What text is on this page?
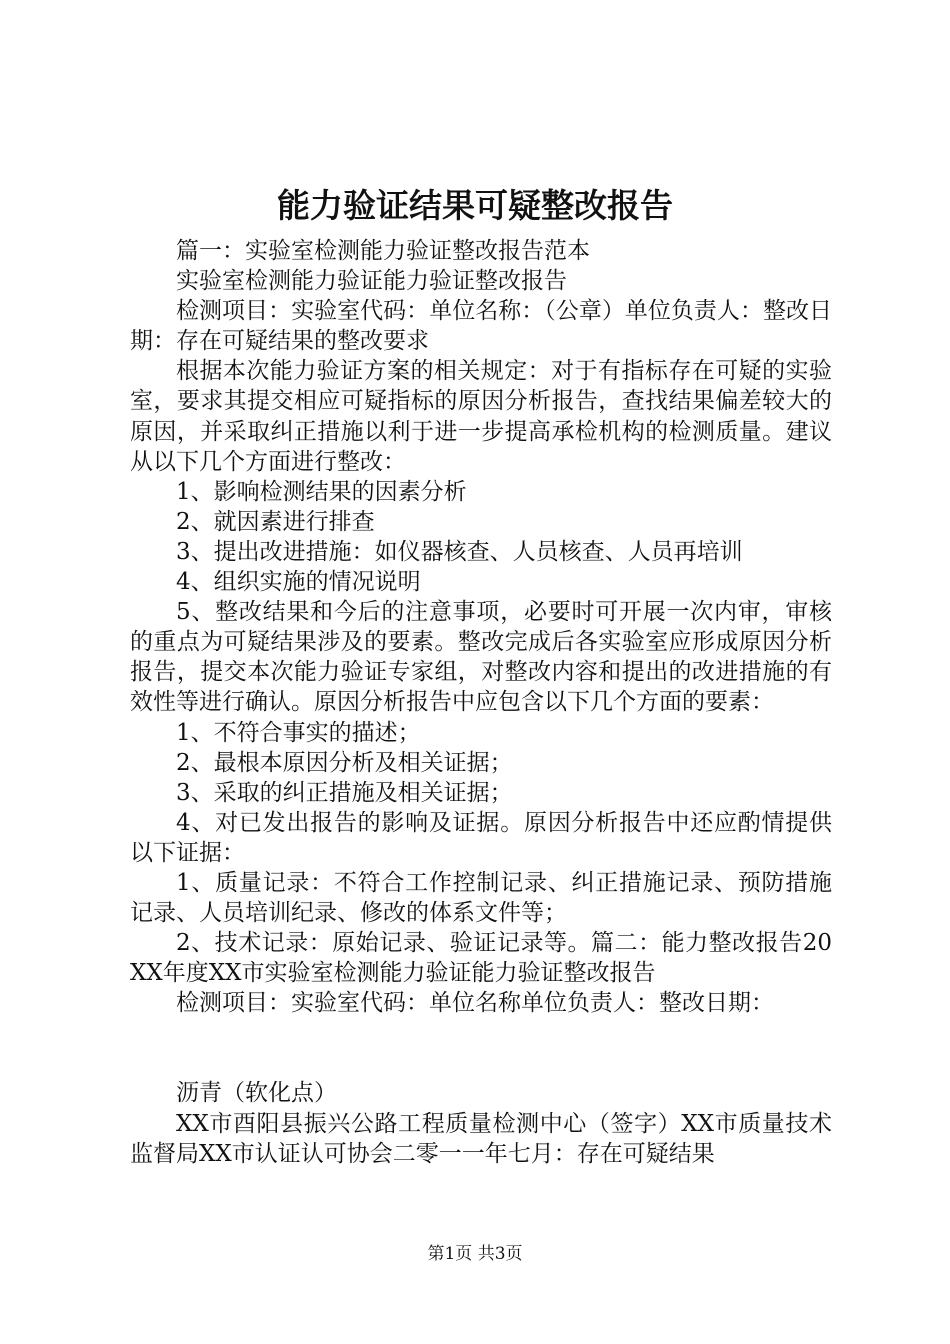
能力验证结果可疑整改报告

篇一：实验室检测能力验证整改报告范本

实验室检测能力验证能力验证整改报告

检测项目：实验室代码：单位名称：（公章）单位负责人：整改日期：存在可疑结果的整改要求

根据本次能力验证方案的相关规定：对于有指标存在可疑的实验室，要求其提交相应可疑指标的原因分析报告，查找结果偏差较大的原因，并采取纠正措施以利于进一步提高承检机构的检测质量。建议从以下几个方面进行整改：

1、影响检测结果的因素分析

2、就因素进行排查

3、提出改进措施：如仪器核查、人员核查、人员再培训

4、组织实施的情况说明

5、整改结果和今后的注意事项，必要时可开展一次内审，审核的重点为可疑结果涉及的要素。整改完成后各实验室应形成原因分析报告，提交本次能力验证专家组，对整改内容和提出的改进措施的有效性等进行确认。原因分析报告中应包含以下几个方面的要素：

1、不符合事实的描述；

2、最根本原因分析及相关证据；

3、采取的纠正措施及相关证据；

4、对已发出报告的影响及证据。原因分析报告中还应酌情提供以下证据：

1、质量记录：不符合工作控制记录、纠正措施记录、预防措施记录、人员培训纪录、修改的体系文件等；

2、技术记录：原始记录、验证记录等。篇二：能力整改报告20XX年度XX市实验室检测能力验证能力验证整改报告

检测项目：实验室代码：单位名称单位负责人：整改日期：

沥青（软化点）

XX市酉阳县振兴公路工程质量检测中心（签字）XX市质量技术监督局XX市认证认可协会二零一一年七月：存在可疑结果

第1页 共3页
